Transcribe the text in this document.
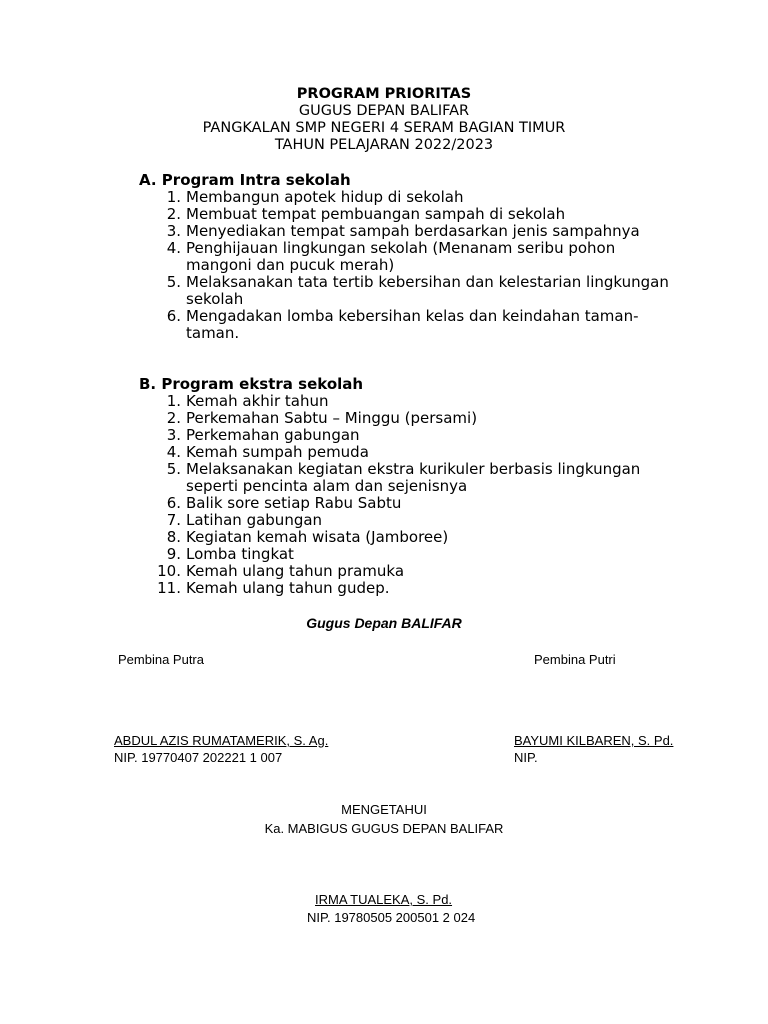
PROGRAM PRIORITAS
GUGUS DEPAN BALIFAR
PANGKALAN SMP NEGERI 4 SERAM BAGIAN TIMUR
TAHUN PELAJARAN 2022/2023
A. Program Intra sekolah
1. Membangun apotek hidup di sekolah
2. Membuat tempat pembuangan sampah di sekolah
3. Menyediakan tempat sampah berdasarkan jenis sampahnya
4. Penghijauan lingkungan sekolah (Menanam seribu pohon mangoni dan pucuk merah)
5. Melaksanakan tata tertib kebersihan dan kelestarian lingkungan sekolah
6. Mengadakan lomba kebersihan kelas dan keindahan taman-taman.
B. Program ekstra sekolah
1. Kemah akhir tahun
2. Perkemahan Sabtu – Minggu (persami)
3. Perkemahan gabungan
4. Kemah sumpah pemuda
5. Melaksanakan kegiatan ekstra kurikuler berbasis lingkungan seperti pencinta alam dan sejenisnya
6. Balik sore setiap Rabu Sabtu
7. Latihan gabungan
8. Kegiatan kemah wisata (Jamboree)
9. Lomba tingkat
10. Kemah ulang tahun pramuka
11. Kemah ulang tahun gudep.
Gugus Depan BALIFAR
Pembina Putra	Pembina Putri
ABDUL AZIS RUMATAMERIK, S. Ag.
NIP. 19770407 202221 1 007
BAYUMI KILBAREN, S. Pd.
NIP.
MENGETAHUI
Ka. MABIGUS GUGUS DEPAN BALIFAR
IRMA TUALEKA, S. Pd.
NIP. 19780505 200501 2 024
